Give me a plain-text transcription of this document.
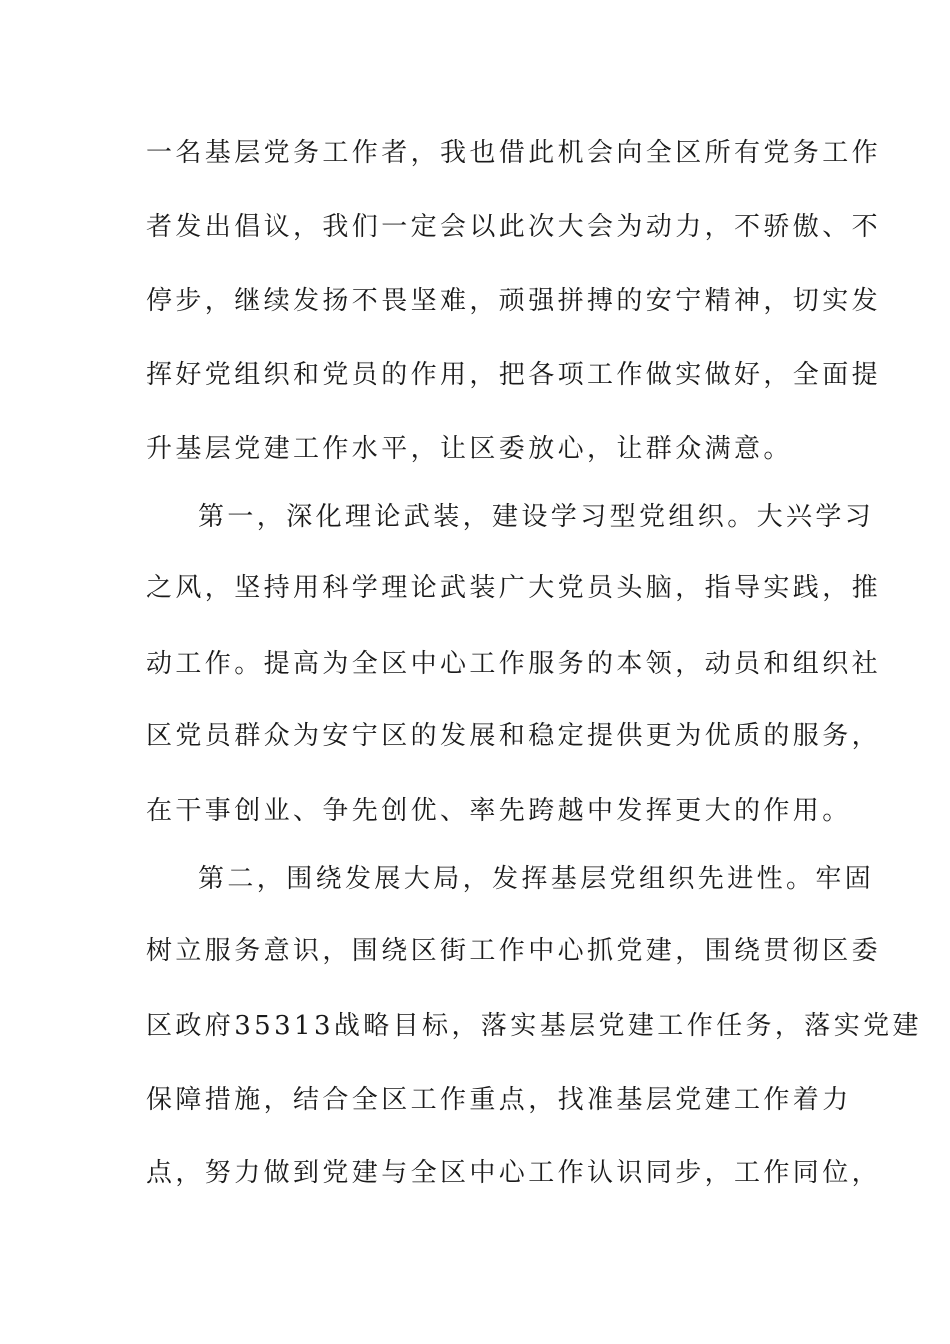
一名基层党务工作者，我也借此机会向全区所有党务工作
者发出倡议，我们一定会以此次大会为动力，不骄傲、不
停步，继续发扬不畏坚难，顽强拼搏的安宁精神，切实发
挥好党组织和党员的作用，把各项工作做实做好，全面提
升基层党建工作水平，让区委放心，让群众满意。
第一，深化理论武装，建设学习型党组织。大兴学习
之风，坚持用科学理论武装广大党员头脑，指导实践，推
动工作。提高为全区中心工作服务的本领，动员和组织社
区党员群众为安宁区的发展和稳定提供更为优质的服务，
在干事创业、争先创优、率先跨越中发挥更大的作用。
第二，围绕发展大局，发挥基层党组织先进性。牢固
树立服务意识，围绕区街工作中心抓党建，围绕贯彻区委
区政府35313战略目标，落实基层党建工作任务，落实党建
保障措施，结合全区工作重点，找准基层党建工作着力
点，努力做到党建与全区中心工作认识同步，工作同位，
